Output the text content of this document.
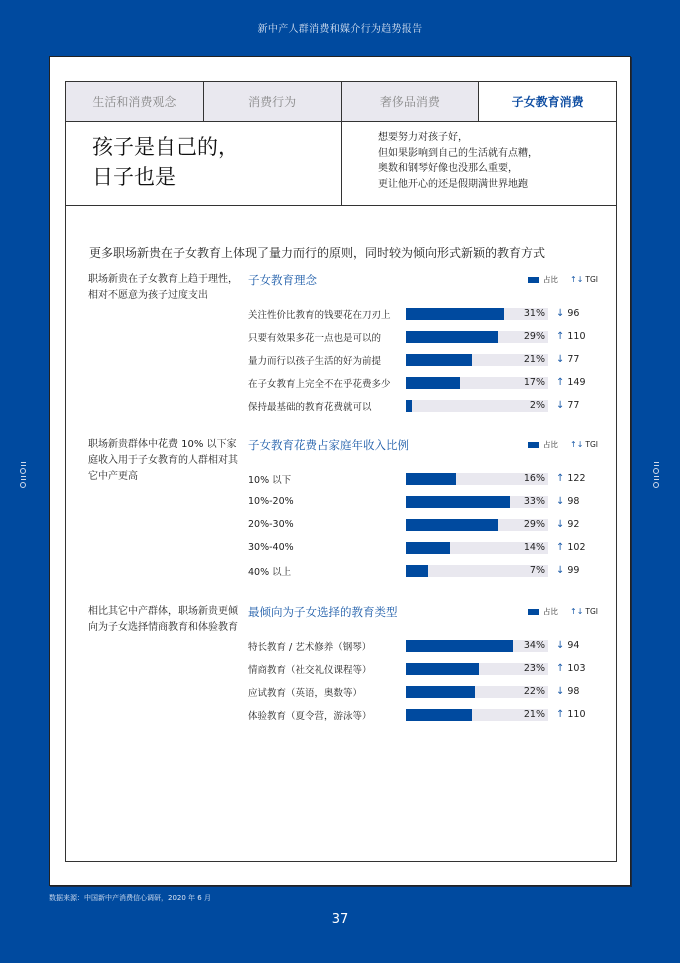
新中产人群消费和媒介行为趋势报告
生活和消费观念	消费行为	奢侈品消费	子女教育消费
孩子是自己的，
日子也是
想要努力对孩子好，
但如果影响到自己的生活就有点糟，
奥数和钢琴好像也没那么重要，
更让他开心的还是假期满世界地跑
更多职场新贵在子女教育上体现了量力而行的原则，同时较为倾向形式新颖的教育方式
职场新贵在子女教育上趋于理性，相对不愿意为孩子过度支出
子女教育理念	占比 ↑↓ TGI
关注性价比教育的钱要花在刀刃上	31% ↓ 96
只要有效果多花一点也是可以的	29% ↑ 110
量力而行以孩子生活的好为前提	21% ↓ 77
在子女教育上完全不在乎花费多少	17% ↑ 149
保持最基础的教育花费就可以	2% ↓ 77
职场新贵群体中花费 10% 以下家庭收入用于子女教育的人群相对其它中产更高
子女教育花费占家庭年收入比例	占比 ↑↓ TGI
10% 以下	16% ↑ 122
10%-20%	33% ↓ 98
20%-30%	29% ↓ 92
30%-40%	14% ↑ 102
40% 以上	7% ↓ 99
相比其它中产群体，职场新贵更倾向为子女选择情商教育和体验教育
最倾向为子女选择的教育类型	占比 ↑↓ TGI
特长教育 / 艺术修养（钢琴）	34% ↓ 94
情商教育（社交礼仪课程等）	23% ↑ 103
应试教育（英语，奥数等）	22% ↓ 98
体验教育（夏令营，游泳等）	21% ↑ 110
数据来源：中国新中产消费信心调研，2020 年 6 月
37
